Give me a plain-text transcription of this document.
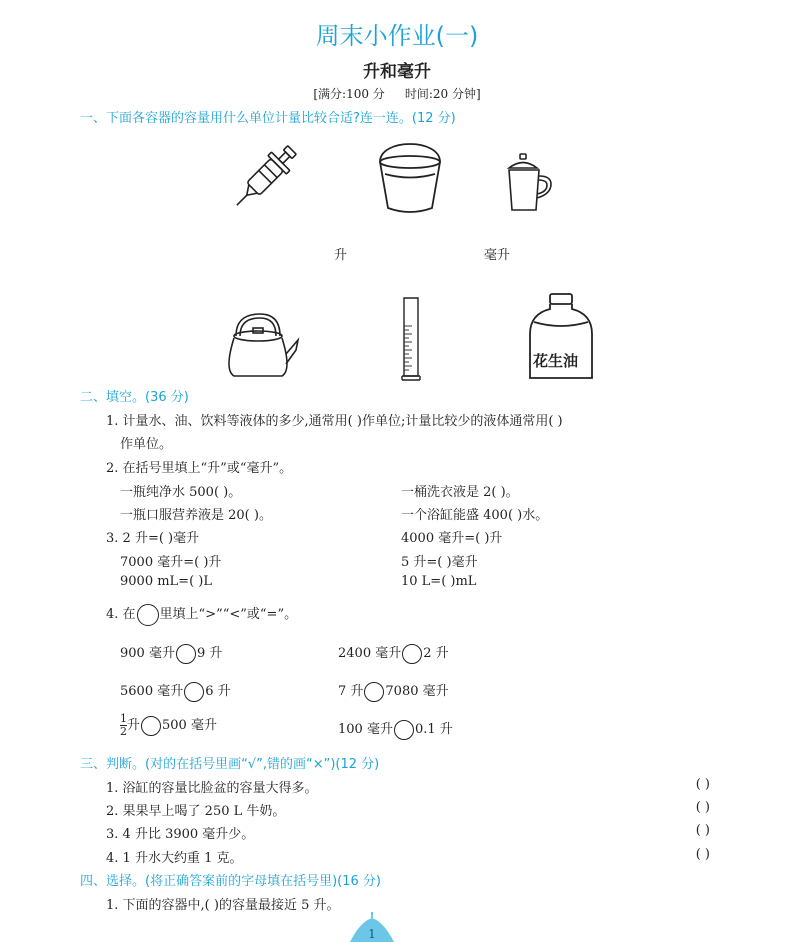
周末小作业(一)
升和毫升
[满分:100 分 时间:20 分钟]
一、下面各容器的容量用什么单位计量比较合适?连一连。(12 分)
升	毫升
花生油
二、填空。(36 分)
1. 计量水、油、饮料等液体的多少,通常用( )作单位;计量比较少的液体通常用( )
作单位。
2. 在括号里填上“升”或“毫升”。
一瓶纯净水 500( )。	一桶洗衣液是 2( )。
一瓶口服营养液是 20( )。	一个浴缸能盛 400( )水。
3. 2 升=( )毫升	4000 毫升=( )升
7000 毫升=( )升	5 升=( )毫升
9000 mL=( )L	10 L=( )mL
4. 在 里填上“>”“<”或“=”。
900 毫升 9 升	2400 毫升 2 升
5600 毫升 6 升	7 升 7080 毫升
$\frac{1}{2}$ 升 500 毫升	100 毫升 0.1 升
三、判断。(对的在括号里画“√”,错的画“×”)(12 分)
1. 浴缸的容量比脸盆的容量大得多。	( )
2. 果果早上喝了 250 L 牛奶。	( )
3. 4 升比 3900 毫升少。	( )
4. 1 升水大约重 1 克。	( )
四、选择。(将正确答案前的字母填在括号里)(16 分)
1. 下面的容器中,( )的容量最接近 5 升。
1
